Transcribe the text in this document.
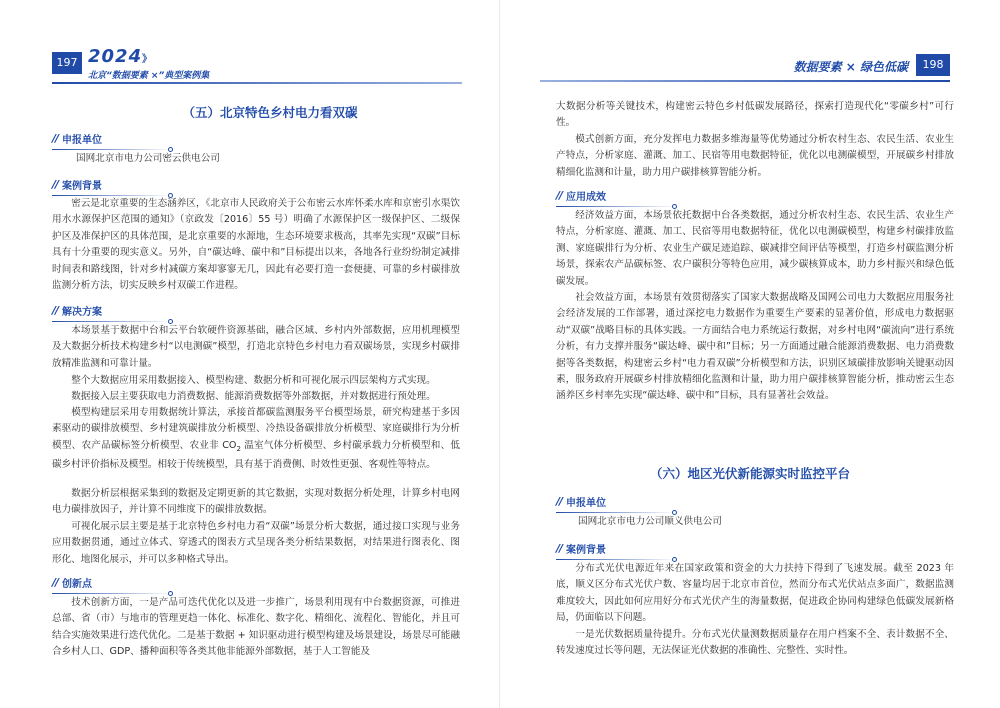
197 2024 》
北京“数据要素 ×”典型案例集
（五）北京特色乡村电力看双碳
// 申报单位
国网北京市电力公司密云供电公司
// 案例背景
密云是北京重要的生态涵养区，《北京市人民政府关于公布密云水库怀柔水库和京密引水渠饮用水水源保护区范围的通知》（京政发〔2016〕55 号）明确了水源保护区一级保护区、二级保护区及准保护区的具体范围，是北京重要的水源地，生态环境要求极高，其率先实现“双碳”目标具有十分重要的现实意义。另外，自“碳达峰、碳中和”目标提出以来，各地各行业纷纷制定减排时间表和路线图，针对乡村减碳方案却寥寥无几，因此有必要打造一套便捷、可靠的乡村碳排放监测分析方法，切实反映乡村双碳工作进程。
// 解决方案
本场景基于数据中台和云平台软硬件资源基础，融合区域、乡村内外部数据，应用机理模型及大数据分析技术构建乡村“以电测碳”模型，打造北京特色乡村电力看双碳场景，实现乡村碳排放精准监测和可靠计量。
整个大数据应用采用数据接入、模型构建、数据分析和可视化展示四层架构方式实现。
数据接入层主要获取电力消费数据、能源消费数据等外部数据，并对数据进行预处理。
模型构建层采用专用数据统计算法，承接首都碳监测服务平台模型场景，研究构建基于多因素驱动的碳排放模型、乡村建筑碳排放分析模型、冷热设备碳排放分析模型、家庭碳排行为分析模型、农产品碳标签分析模型、农业非 $CO_2$ 温室气体分析模型、乡村碳承载力分析模型和、低碳乡村评价指标及模型。相较于传统模型，具有基于消费侧、时效性更强、客观性等特点。
数据分析层根据采集到的数据及定期更新的其它数据，实现对数据分析处理，计算乡村电网电力碳排放因子，并计算不同维度下的碳排放数据。
可视化展示层主要是基于北京特色乡村电力看“双碳”场景分析大数据，通过接口实现与业务应用数据贯通，通过立体式、穿透式的图表方式呈现各类分析结果数据，对结果进行图表化、图形化、地图化展示，并可以多种格式导出。
// 创新点
技术创新方面，一是产品可迭代优化以及进一步推广，场景利用现有中台数据资源，可推进总部、省（市）与地市的管理更趋一体化、标准化、数字化、精细化、流程化、智能化，并且可结合实施效果进行迭代优化。二是基于数据 + 知识驱动进行模型构建及场景建设，场景尽可能融合乡村人口、GDP、播种面积等各类其他非能源外部数据，基于人工智能及
数据要素 × 绿色低碳	198
大数据分析等关键技术，构建密云特色乡村低碳发展路径，探索打造现代化“零碳乡村”可行性。
模式创新方面，充分发挥电力数据多维海量等优势通过分析农村生态、农民生活、农业生产特点，分析家庭、灌溉、加工、民宿等用电数据特征，优化以电测碳模型，开展碳乡村排放精细化监测和计量，助力用户碳排核算智能分析。
// 应用成效
经济效益方面，本场景依托数据中台各类数据，通过分析农村生态、农民生活、农业生产特点，分析家庭、灌溉、加工、民宿等用电数据特征，优化以电测碳模型，构建乡村碳排放监测、家庭碳排行为分析、农业生产碳足迹追踪、碳减排空间评估等模型，打造乡村碳监测分析场景，探索农产品碳标签、农户碳积分等特色应用，减少碳核算成本，助力乡村振兴和绿色低碳发展。
社会效益方面，本场景有效贯彻落实了国家大数据战略及国网公司电力大数据应用服务社会经济发展的工作部署，通过深挖电力数据作为重要生产要素的显著价值，形成电力数据驱动“双碳”战略目标的具体实践。一方面结合电力系统运行数据，对乡村电网“碳流向”进行系统分析，有力支撑并服务“碳达峰、碳中和”目标；另一方面通过融合能源消费数据、电力消费数据等各类数据，构建密云乡村“电力看双碳”分析模型和方法，识别区域碳排放影响关键驱动因素，服务政府开展碳乡村排放精细化监测和计量，助力用户碳排核算智能分析，推动密云生态涵养区乡村率先实现“碳达峰、碳中和”目标，具有显著社会效益。
（六）地区光伏新能源实时监控平台
// 申报单位
国网北京市电力公司顺义供电公司
// 案例背景
分布式光伏电源近年来在国家政策和资金的大力扶持下得到了飞速发展。截至 2023 年底，顺义区分布式光伏户数、容量均居于北京市首位，然而分布式光伏站点多面广，数据监测难度较大，因此如何应用好分布式光伏产生的海量数据，促进政企协同构建绿色低碳发展新格局，仍面临以下问题。
一是光伏数据质量待提升。分布式光伏量测数据质量存在用户档案不全、表计数据不全、转发速度过长等问题，无法保证光伏数据的准确性、完整性、实时性。
